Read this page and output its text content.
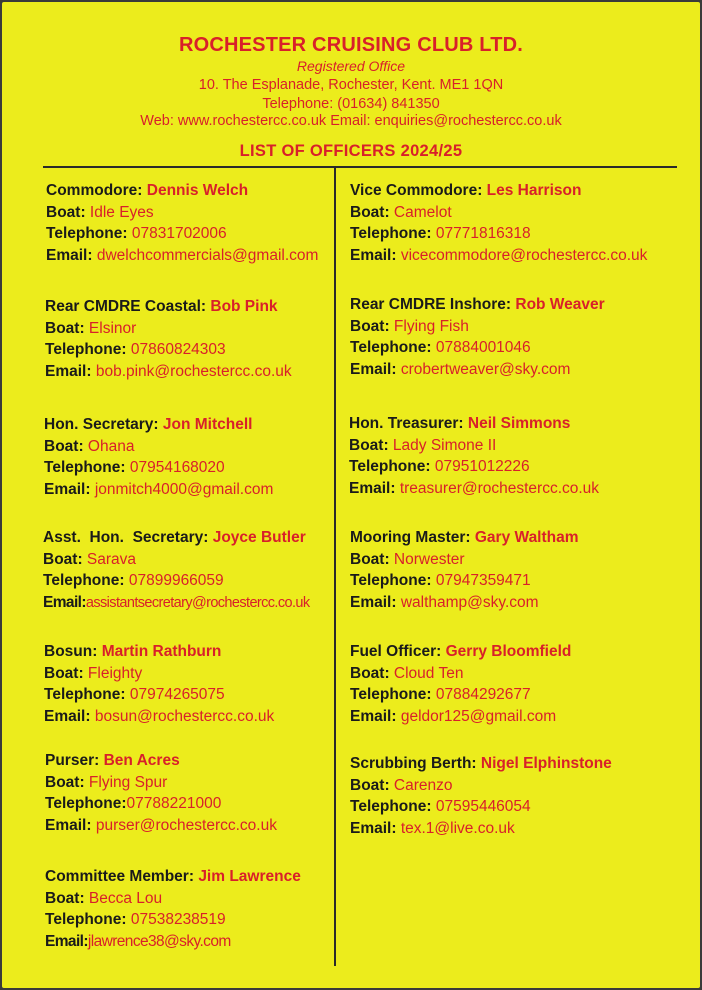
ROCHESTER CRUISING CLUB LTD.
Registered Office
10. The Esplanade, Rochester, Kent. ME1 1QN
Telephone: (01634) 841350
Web: www.rochestercc.co.uk Email: enquiries@rochestercc.co.uk
LIST OF OFFICERS 2024/25
Commodore: Dennis Welch
Boat: Idle Eyes
Telephone: 07831702006
Email: dwelchcommercials@gmail.com
Vice Commodore: Les Harrison
Boat: Camelot
Telephone: 07771816318
Email: vicecommodore@rochestercc.co.uk
Rear CMDRE Coastal: Bob Pink
Boat: Elsinor
Telephone: 07860824303
Email: bob.pink@rochestercc.co.uk
Rear CMDRE Inshore: Rob Weaver
Boat: Flying Fish
Telephone: 07884001046
Email: crobertweaver@sky.com
Hon. Secretary: Jon Mitchell
Boat: Ohana
Telephone: 07954168020
Email: jonmitch4000@gmail.com
Hon. Treasurer: Neil Simmons
Boat: Lady Simone II
Telephone: 07951012226
Email: treasurer@rochestercc.co.uk
Asst.  Hon.  Secretary: Joyce Butler
Boat: Sarava
Telephone: 07899966059
Email:assistantsecretary@rochestercc.co.uk
Mooring Master: Gary Waltham
Boat: Norwester
Telephone: 07947359471
Email: walthamp@sky.com
Bosun: Martin Rathburn
Boat: Fleighty
Telephone: 07974265075
Email: bosun@rochestercc.co.uk
Fuel Officer: Gerry Bloomfield
Boat: Cloud Ten
Telephone: 07884292677
Email: geldor125@gmail.com
Purser: Ben Acres
Boat: Flying Spur
Telephone:07788221000
Email: purser@rochestercc.co.uk
Scrubbing Berth: Nigel Elphinstone
Boat: Carenzo
Telephone: 07595446054
Email: tex.1@live.co.uk
Committee Member: Jim Lawrence
Boat: Becca Lou
Telephone: 07538238519
Email:jlawrence38@sky.com
